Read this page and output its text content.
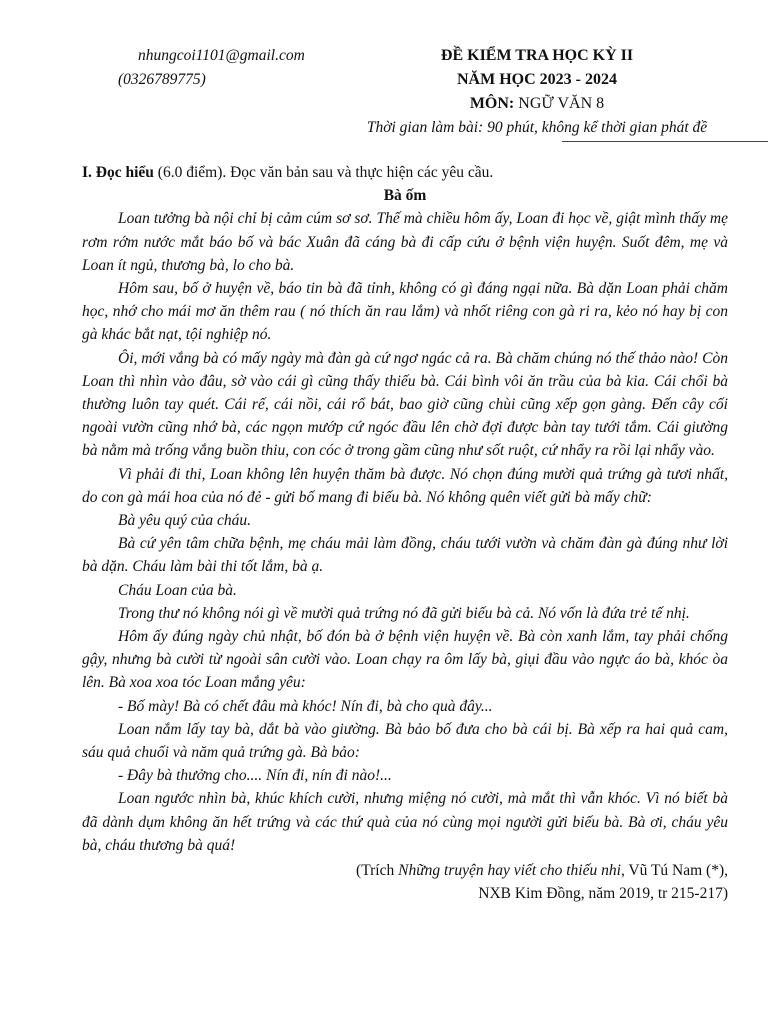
nhungcoi1101@gmail.com
(0326789775)
ĐỀ KIỂM TRA HỌC KỲ II
NĂM HỌC 2023 - 2024
MÔN: NGỮ VĂN 8
Thời gian làm bài: 90 phút, không kể thời gian phát đề

I. Đọc hiểu (6.0 điểm). Đọc văn bản sau và thực hiện các yêu cầu.

Bà ốm

Loan tưởng bà nội chỉ bị cảm cúm sơ sơ. Thế mà chiều hôm ấy, Loan đi học về, giật mình thấy mẹ rơm rớm nước mắt báo bố và bác Xuân đã cáng bà đi cấp cứu ở bệnh viện huyện. Suốt đêm, mẹ và Loan ít ngủ, thương bà, lo cho bà.

Hôm sau, bố ở huyện về, báo tin bà đã tỉnh, không có gì đáng ngại nữa. Bà dặn Loan phải chăm học, nhớ cho mái mơ ăn thêm rau ( nó thích ăn rau lắm) và nhốt riêng con gà ri ra, kẻo nó hay bị con gà khác bắt nạt, tội nghiệp nó.

Ôi, mới vắng bà có mấy ngày mà đàn gà cứ ngơ ngác cả ra. Bà chăm chúng nó thế thảo nào! Còn Loan thì nhìn vào đâu, sờ vào cái gì cũng thấy thiếu bà. Cái bình vôi ăn trầu của bà kia. Cái chổi bà thường luôn tay quét. Cái rế, cái nồi, cái rổ bát, bao giờ cũng chùi cũng xếp gọn gàng. Đến cây cối ngoài vườn cũng nhớ bà, các ngọn mướp cứ ngóc đầu lên chờ đợi được bàn tay tưới tắm. Cái giường bà nằm mà trống vắng buồn thiu, con cóc ở trong gầm cũng như sốt ruột, cứ nhẩy ra rồi lại nhẩy vào.

Vì phải đi thi, Loan không lên huyện thăm bà được. Nó chọn đúng mười quả trứng gà tươi nhất, do con gà mái hoa của nó đẻ - gửi bố mang đi biếu bà. Nó không quên viết gửi bà mấy chữ:

Bà yêu quý của cháu.

Bà cứ yên tâm chữa bệnh, mẹ cháu mải làm đồng, cháu tưới vườn và chăm đàn gà đúng như lời bà dặn. Cháu làm bài thi tốt lắm, bà ạ.

Cháu Loan của bà.

Trong thư nó không nói gì về mười quả trứng nó đã gửi biếu bà cả. Nó vốn là đứa trẻ tế nhị.

Hôm ấy đúng ngày chủ nhật, bố đón bà ở bệnh viện huyện về. Bà còn xanh lắm, tay phải chống gậy, nhưng bà cười từ ngoài sân cười vào. Loan chạy ra ôm lấy bà, giụi đầu vào ngực áo bà, khóc òa lên. Bà xoa xoa tóc Loan mắng yêu:

- Bố mày! Bà có chết đâu mà khóc! Nín đi, bà cho quà đây...

Loan nắm lấy tay bà, dắt bà vào giường. Bà bảo bố đưa cho bà cái bị. Bà xếp ra hai quả cam, sáu quả chuối và năm quả trứng gà. Bà bảo:

- Đây bà thưởng cho.... Nín đi, nín đi nào!...

Loan ngước nhìn bà, khúc khích cười, nhưng miệng nó cười, mà mắt thì vẫn khóc. Vì nó biết bà đã dành dụm không ăn hết trứng và các thứ quà của nó cùng mọi người gửi biếu bà. Bà ơi, cháu yêu bà, cháu thương bà quá!

(Trích Những truyện hay viết cho thiếu nhi, Vũ Tú Nam (*),

NXB Kim Đồng, năm 2019, tr 215-217)
